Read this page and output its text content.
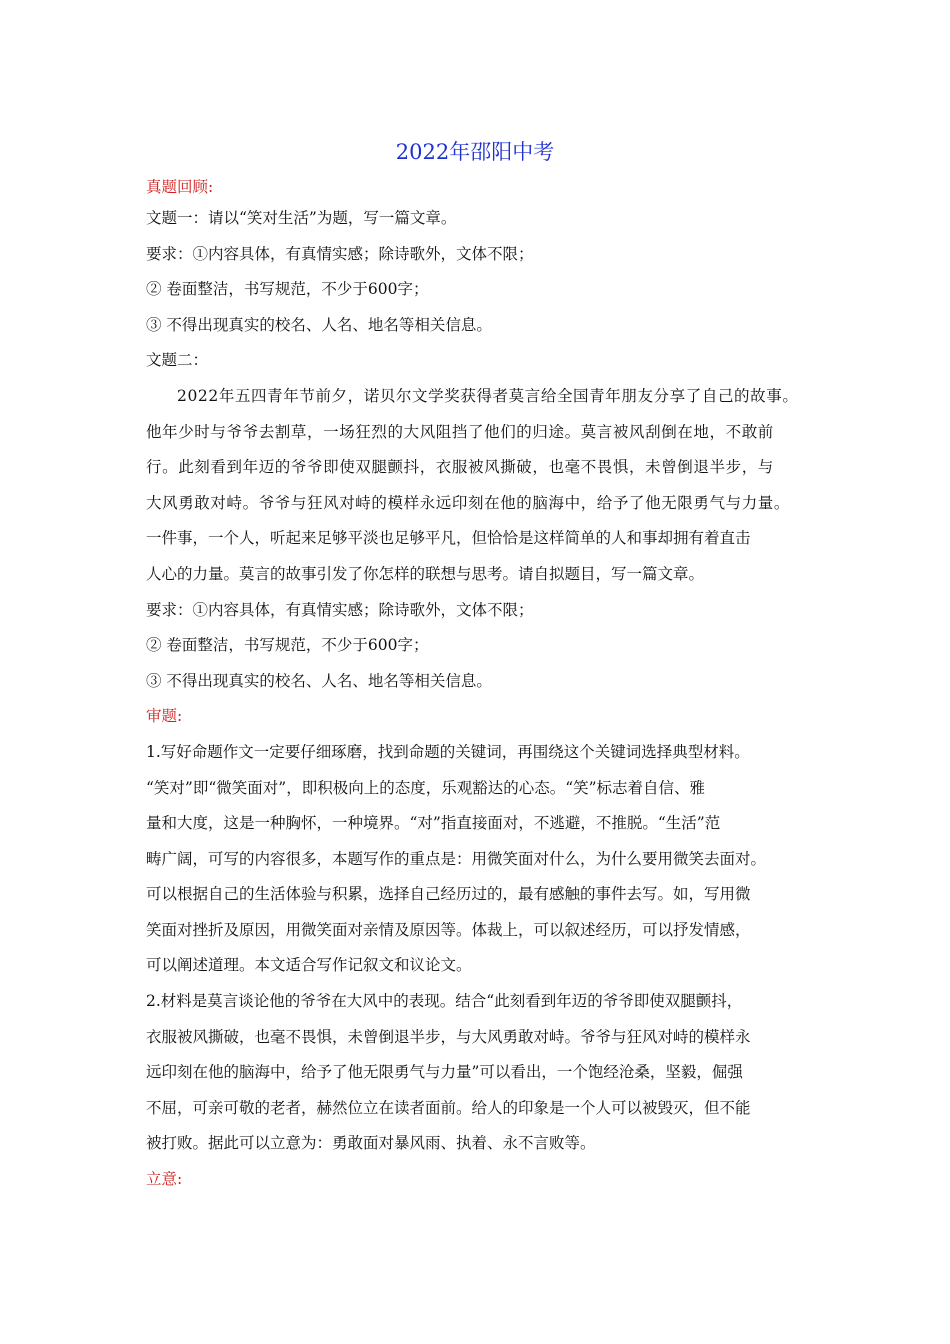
2022年邵阳中考
真题回顾:
文题一：请以“笑对生活”为题，写一篇文章。
要求：①内容具体，有真情实感；除诗歌外，文体不限；
② 卷面整洁，书写规范，不少于600字；
③ 不得出现真实的校名、人名、地名等相关信息。
文题二：
2022年五四青年节前夕，诺贝尔文学奖获得者莫言给全国青年朋友分享了自己的故事。
他年少时与爷爷去割草，一场狂烈的大风阻挡了他们的归途。莫言被风刮倒在地，不敢前
行。此刻看到年迈的爷爷即使双腿颤抖，衣服被风撕破，也毫不畏惧，未曾倒退半步，与
大风勇敢对峙。爷爷与狂风对峙的模样永远印刻在他的脑海中，给予了他无限勇气与力量。
一件事，一个人，听起来足够平淡也足够平凡，但恰恰是这样简单的人和事却拥有着直击
人心的力量。莫言的故事引发了你怎样的联想与思考。请自拟题目，写一篇文章。
要求：①内容具体，有真情实感；除诗歌外，文体不限；
② 卷面整洁，书写规范，不少于600字；
③ 不得出现真实的校名、人名、地名等相关信息。
审题:
1.写好命题作文一定要仔细琢磨，找到命题的关键词，再围绕这个关键词选择典型材料。
“笑对”即“微笑面对”，即积极向上的态度，乐观豁达的心态。“笑”标志着自信、雅
量和大度，这是一种胸怀，一种境界。“对”指直接面对，不逃避，不推脱。“生活”范
畴广阔，可写的内容很多，本题写作的重点是：用微笑面对什么，为什么要用微笑去面对。
可以根据自己的生活体验与积累，选择自己经历过的，最有感触的事件去写。如，写用微
笑面对挫折及原因，用微笑面对亲情及原因等。体裁上，可以叙述经历，可以抒发情感，
可以阐述道理。本文适合写作记叙文和议论文。
2.材料是莫言谈论他的爷爷在大风中的表现。结合“此刻看到年迈的爷爷即使双腿颤抖，
衣服被风撕破，也毫不畏惧，未曾倒退半步，与大风勇敢对峙。爷爷与狂风对峙的模样永
远印刻在他的脑海中，给予了他无限勇气与力量”可以看出，一个饱经沧桑，坚毅，倔强
不屈，可亲可敬的老者，赫然位立在读者面前。给人的印象是一个人可以被毁灭，但不能
被打败。据此可以立意为：勇敢面对暴风雨、执着、永不言败等。
立意:
